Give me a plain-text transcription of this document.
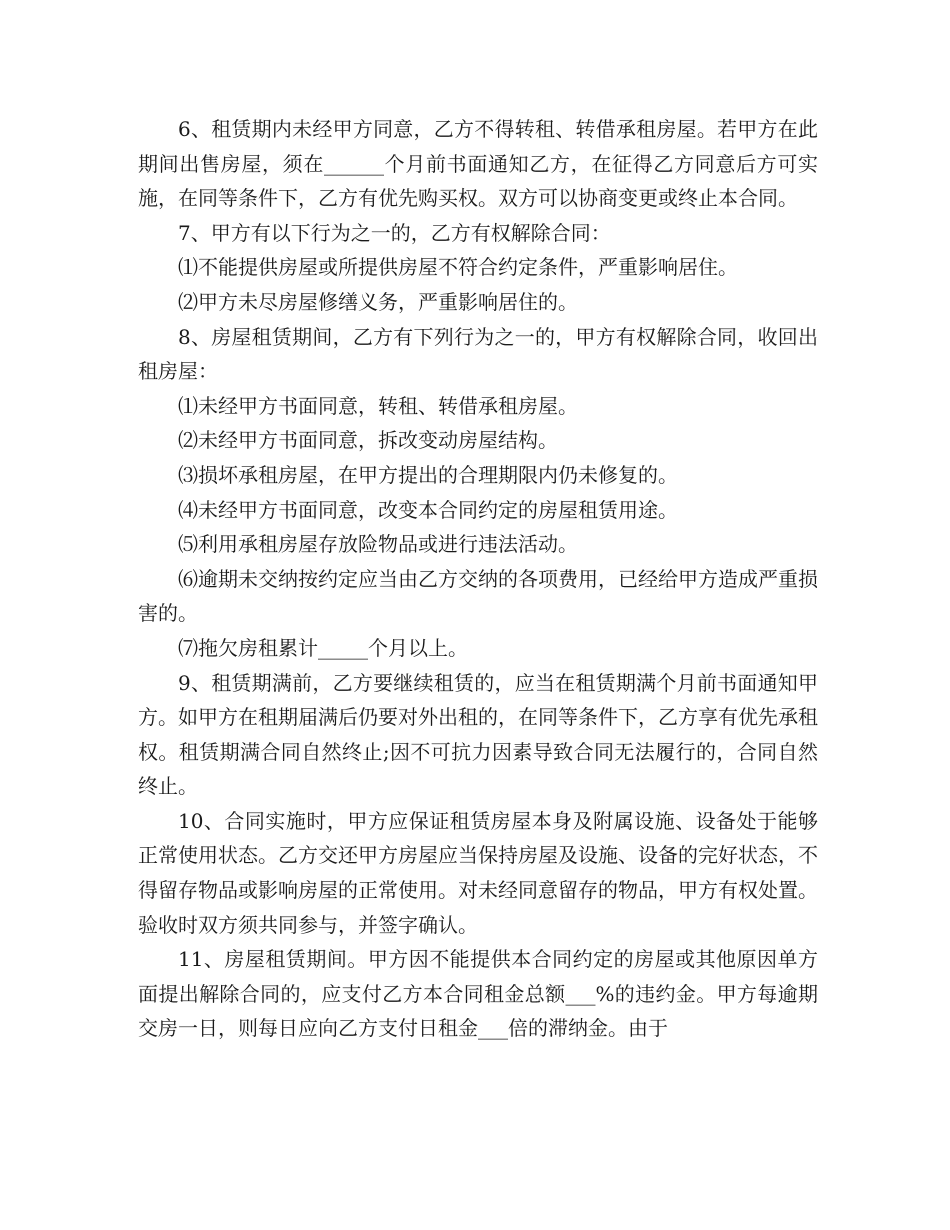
6、租赁期内未经甲方同意，乙方不得转租、转借承租房屋。若甲方在此期间出售房屋，须在______个月前书面通知乙方，在征得乙方同意后方可实施，在同等条件下，乙方有优先购买权。双方可以协商变更或终止本合同。

7、甲方有以下行为之一的，乙方有权解除合同：

⑴不能提供房屋或所提供房屋不符合约定条件，严重影响居住。

⑵甲方未尽房屋修缮义务，严重影响居住的。

8、房屋租赁期间，乙方有下列行为之一的，甲方有权解除合同，收回出租房屋：

⑴未经甲方书面同意，转租、转借承租房屋。

⑵未经甲方书面同意，拆改变动房屋结构。

⑶损坏承租房屋，在甲方提出的合理期限内仍未修复的。

⑷未经甲方书面同意，改变本合同约定的房屋租赁用途。

⑸利用承租房屋存放险物品或进行违法活动。

⑹逾期未交纳按约定应当由乙方交纳的各项费用，已经给甲方造成严重损害的。

⑺拖欠房租累计_____个月以上。

9、租赁期满前，乙方要继续租赁的，应当在租赁期满个月前书面通知甲方。如甲方在租期届满后仍要对外出租的，在同等条件下，乙方享有优先承租权。租赁期满合同自然终止;因不可抗力因素导致合同无法履行的，合同自然终止。

10、合同实施时，甲方应保证租赁房屋本身及附属设施、设备处于能够正常使用状态。乙方交还甲方房屋应当保持房屋及设施、设备的完好状态，不得留存物品或影响房屋的正常使用。对未经同意留存的物品，甲方有权处置。验收时双方须共同参与，并签字确认。

11、房屋租赁期间。甲方因不能提供本合同约定的房屋或其他原因单方面提出解除合同的，应支付乙方本合同租金总额___%的违约金。甲方每逾期交房一日，则每日应向乙方支付日租金___倍的滞纳金。由于
